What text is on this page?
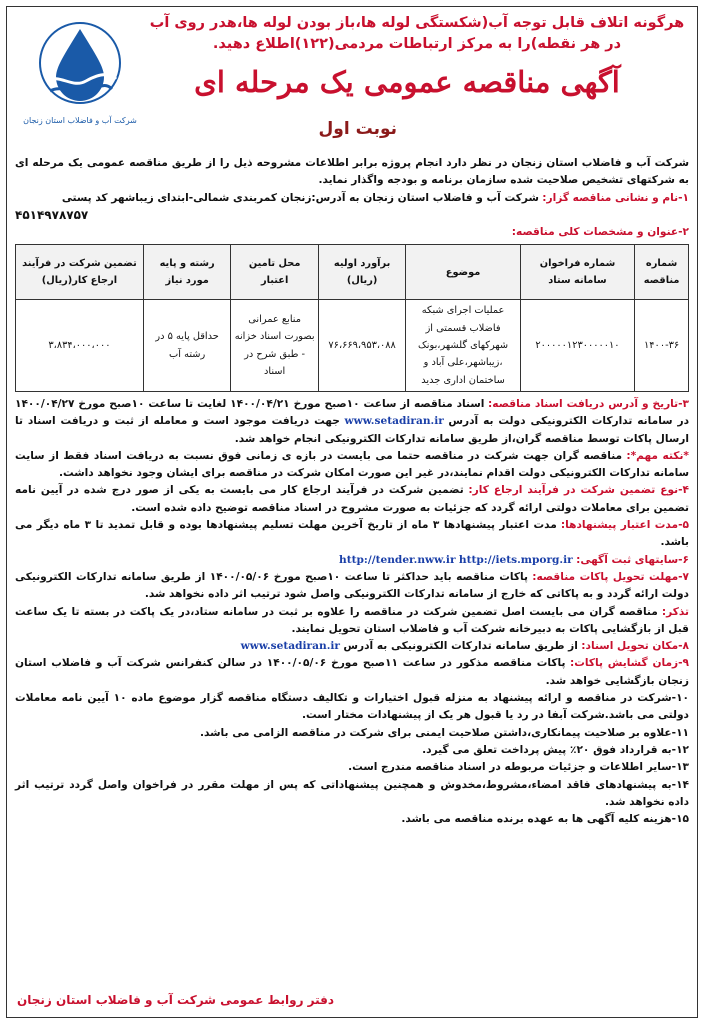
شرکت آب و فاضلاب استان زنجان
هرگونه اتلاف قابل توجه آب(شکستگی لوله ها،باز بودن لوله ها،هدر روی آب در هر نقطه)را به مرکز ارتباطات مردمی(۱۲۲)اطلاع دهید.
آگهی مناقصه عمومی یک مرحله ای
نوبت اول

شرکت آب و فاضلاب استان زنجان در نظر دارد انجام پروژه برابر اطلاعات مشروحه ذیل را از طریق مناقصه عمومی یک مرحله ای به شرکتهای تشخیص صلاحیت شده سازمان برنامه و بودجه واگذار نماید.

۱-نام و نشانی مناقصه گزار: شرکت آب و فاضلاب استان زنجان به آدرس:زنجان کمربندی شمالی-ابتدای زیباشهر کد پستی

۴۵۱۴۹۷۸۷۵۷

۲-عنوان و مشخصات کلی مناقصه:

شماره مناقصه	شماره فراخوان سامانه ستاد	موضوع	برآورد اولیه (ریال)	محل تامین اعتبار	رشته و پایه مورد نیاز	تضمین شرکت در فرآیند ارجاع کار(ریال)
۱۴۰۰-۳۶	۲۰۰۰۰۰۱۲۳۰۰۰۰۰۱۰	عملیات اجرای شبکه فاضلاب قسمتی از شهرکهای گلشهر،بونک ،زیباشهر،علی آباد و ساختمان اداری جدید	۷۶،۶۶۹،۹۵۳،۰۸۸	منابع عمرانی بصورت اسناد خزانه - طبق شرح در اسناد	حداقل پایه ۵ در رشته آب	۳،۸۳۴،۰۰۰،۰۰۰

۳-تاریخ و آدرس دریافت اسناد مناقصه: اسناد مناقصه از ساعت ۱۰صبح مورخ ۱۴۰۰/۰۴/۲۱ لغایت تا ساعت ۱۰صبح مورخ ۱۴۰۰/۰۴/۲۷ در سامانه تدارکات الکترونیکی دولت به آدرس www.setadiran.ir جهت دریافت موجود است و معامله از ثبت و دریافت اسناد تا ارسال پاکات توسط مناقصه گران،از طریق سامانه تدارکات الکترونیکی انجام خواهد شد.

*نکته مهم*: مناقصه گران جهت شرکت در مناقصه حتما می بایست در بازه ی زمانی فوق نسبت به دریافت اسناد فقط از سایت سامانه تدارکات الکترونیکی دولت اقدام نمایند،در غیر این صورت امکان شرکت در مناقصه برای ایشان وجود نخواهد داشت.

۴-نوع تضمین شرکت در فرآیند ارجاع کار: تضمین شرکت در فرآیند ارجاع کار می بایست به یکی از صور درج شده در آیین نامه تضمین برای معاملات دولتی ارائه گردد که جزئیات به صورت مشروح در اسناد مناقصه توضیح داده شده است.

۵-مدت اعتبار پیشنهادها: مدت اعتبار پیشنهادها ۳ ماه از تاریخ آخرین مهلت تسلیم پیشنهادها بوده و قابل تمدید تا ۳ ماه دیگر می باشد.

۶-سایتهای ثبت آگهی: http://iets.mporg.ir http://tender.nww.ir

۷-مهلت تحویل پاکات مناقصه: پاکات مناقصه باید حداکثر تا ساعت ۱۰صبح مورخ ۱۴۰۰/۰۵/۰۶ از طریق سامانه تدارکات الکترونیکی دولت ارائه گردد و به پاکاتی که خارج از سامانه تدارکات الکترونیکی واصل شود ترتیب اثر داده نخواهد شد.

تذکر: مناقصه گران می بایست اصل تضمین شرکت در مناقصه را علاوه بر ثبت در سامانه ستاد،در یک پاکت در بسته تا یک ساعت قبل از بازگشایی پاکات به دبیرخانه شرکت آب و فاضلاب استان تحویل نمایند.

۸-مکان تحویل اسناد: از طریق سامانه تدارکات الکترونیکی به آدرس www.setadiran.ir

۹-زمان گشایش پاکات: پاکات مناقصه مذکور در ساعت ۱۱صبح مورخ ۱۴۰۰/۰۵/۰۶ در سالن کنفرانس شرکت آب و فاضلاب استان زنجان بازگشایی خواهد شد.

۱۰-شرکت در مناقصه و ارائه پیشنهاد به منزله قبول اختیارات و تکالیف دستگاه مناقصه گزار موضوع ماده ۱۰ آیین نامه معاملات دولتی می باشد.شرکت آبفا در رد یا قبول هر یک از پیشنهادات مختار است.

۱۱-علاوه بر صلاحیت پیمانکاری،داشتن صلاحیت ایمنی برای شرکت در مناقصه الزامی می باشد.

۱۲-به قرارداد فوق ۲۰٪ پیش پرداخت تعلق می گیرد.

۱۳-سایر اطلاعات و جزئیات مربوطه در اسناد مناقصه مندرج است.

۱۴-به پیشنهادهای فاقد امضاء،مشروط،مخدوش و همچنین پیشنهاداتی که پس از مهلت مقرر در فراخوان واصل گردد ترتیب اثر داده نخواهد شد.

۱۵-هزینه کلیه آگهی ها به عهده برنده مناقصه می باشد.

دفتر روابط عمومی شرکت آب و فاضلاب استان زنجان
